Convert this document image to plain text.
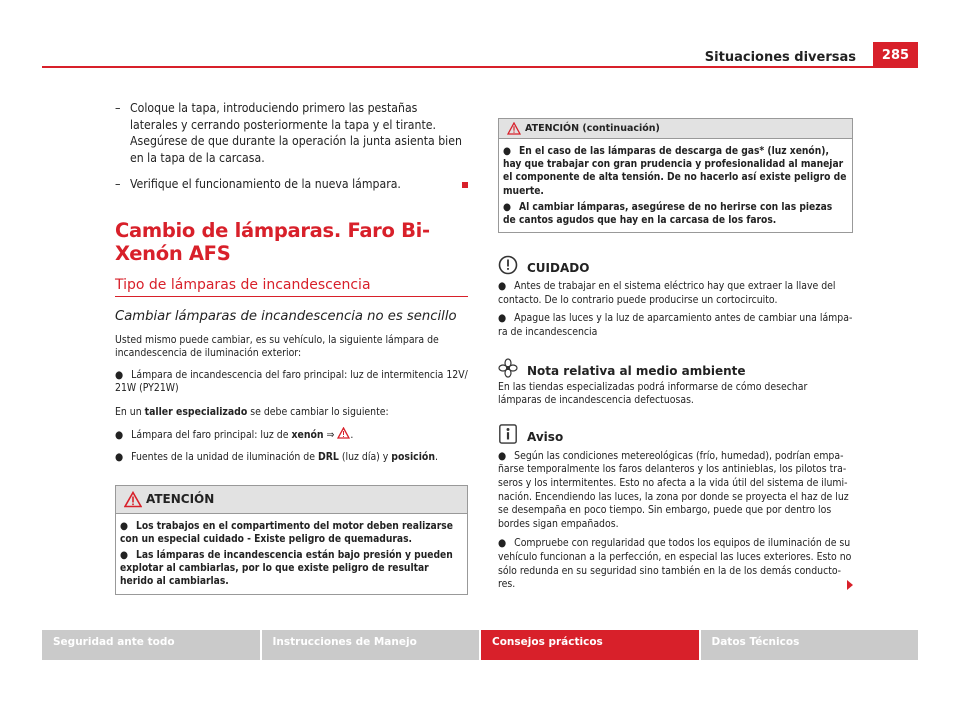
Situaciones diversas	285
– Coloque la tapa, introduciendo primero las pestañas laterales y cerrando posteriormente la tapa y el tirante. Asegúrese de que durante la operación la junta asienta bien en la tapa de la carcasa.
– Verifique el funcionamiento de la nueva lámpara.
Cambio de lámparas. Faro Bi-Xenón AFS
Tipo de lámparas de incandescencia
Cambiar lámparas de incandescencia no es sencillo
Usted mismo puede cambiar, es su vehículo, la siguiente lámpara de incandescencia de iluminación exterior:
● Lámpara de incandescencia del faro principal: luz de intermitencia 12V/ 21W (PY21W)
En un taller especializado se debe cambiar lo siguiente:
● Lámpara del faro principal: luz de xenón ⇒ .
● Fuentes de la unidad de iluminación de DRL (luz día) y posición.
ATENCIÓN
● Los trabajos en el compartimento del motor deben realizarse con un especial cuidado - Existe peligro de quemaduras.
● Las lámparas de incandescencia están bajo presión y pueden explotar al cambiarlas, por lo que existe peligro de resultar herido al cambiarlas.
ATENCIÓN (continuación)
● En el caso de las lámparas de descarga de gas* (luz xenón), hay que trabajar con gran prudencia y profesionalidad al manejar el componente de alta tensión. De no hacerlo así existe peligro de muerte.
● Al cambiar lámparas, asegúrese de no herirse con las piezas de cantos agudos que hay en la carcasa de los faros.
CUIDADO
● Antes de trabajar en el sistema eléctrico hay que extraer la llave del contacto. De lo contrario puede producirse un cortocircuito.
● Apague las luces y la luz de aparcamiento antes de cambiar una lámpara de incandescencia
Nota relativa al medio ambiente
En las tiendas especializadas podrá informarse de cómo desechar lámparas de incandescencia defectuosas.
Aviso
● Según las condiciones metereológicas (frío, humedad), podrían empañarse temporalmente los faros delanteros y los antinieblas, los pilotos traseros y los intermitentes. Esto no afecta a la vida útil del sistema de iluminación. Encendiendo las luces, la zona por donde se proyecta el haz de luz se desempaña en poco tiempo. Sin embargo, puede que por dentro los bordes sigan empañados.
● Compruebe con regularidad que todos los equipos de iluminación de su vehículo funcionan a la perfección, en especial las luces exteriores. Esto no sólo redunda en su seguridad sino también en la de los demás conductores.
Seguridad ante todo	Instrucciones de Manejo	Consejos prácticos	Datos Técnicos
